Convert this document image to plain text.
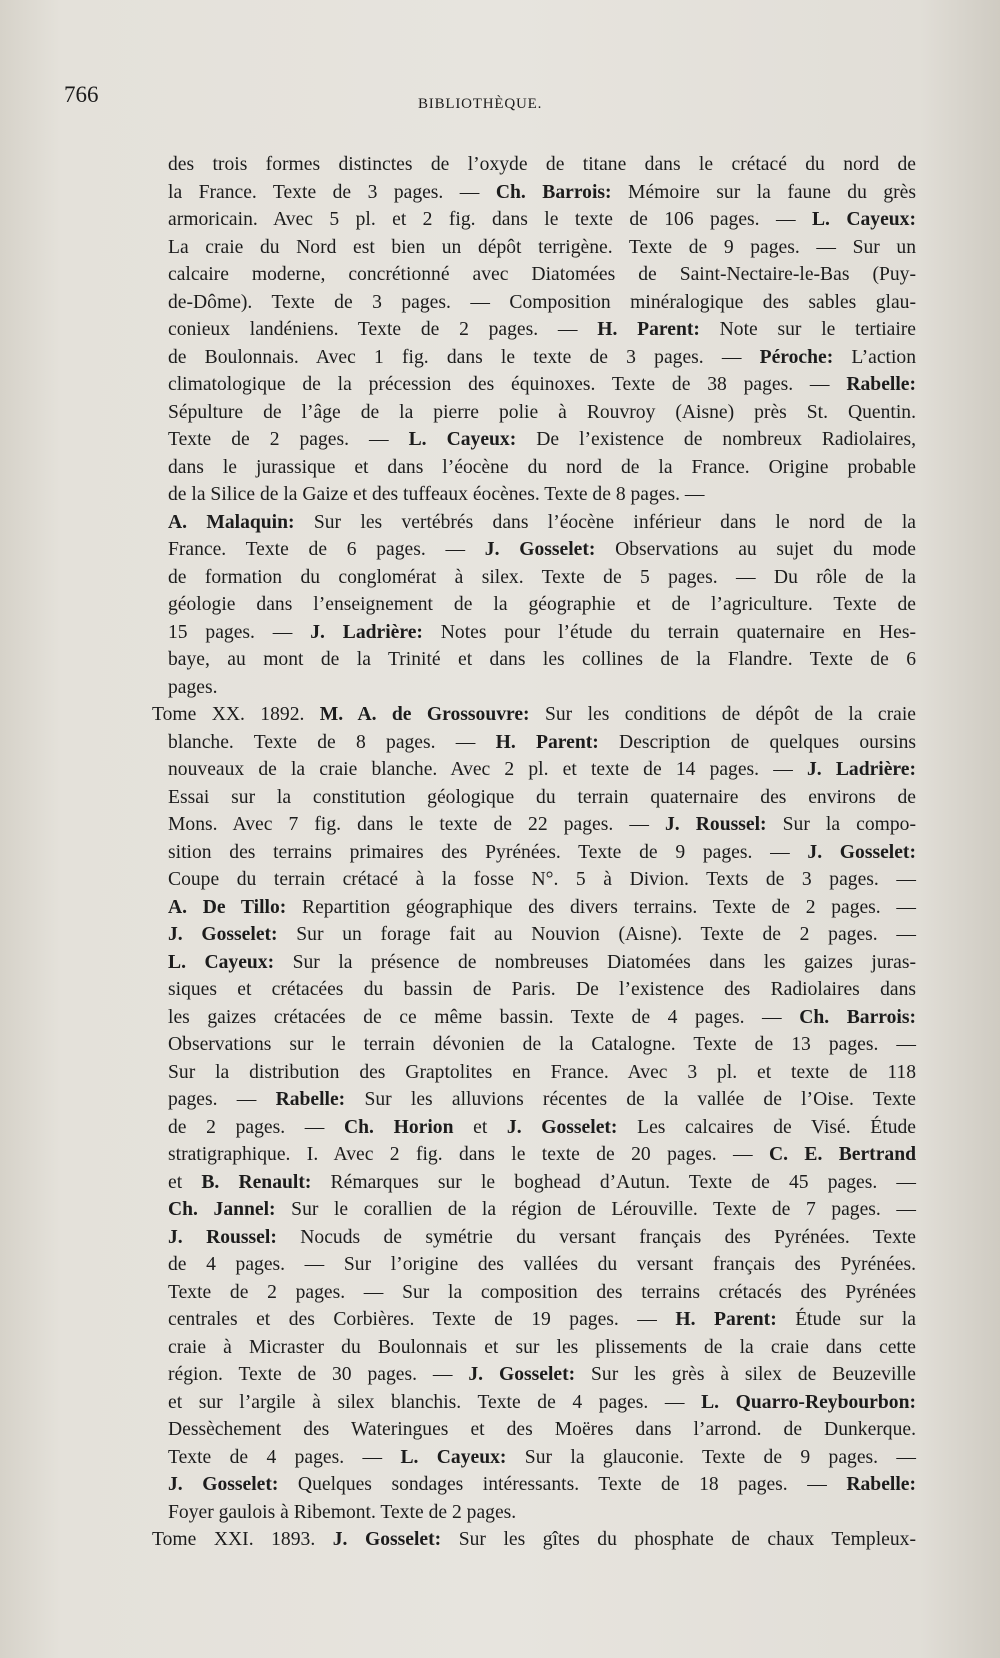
766	BIBLIOTHÈQUE.
des trois formes distinctes de l’oxyde de titane dans le crétacé du nord de
la France. Texte de 3 pages. — Ch. Barrois: Mémoire sur la faune du grès
armoricain. Avec 5 pl. et 2 fig. dans le texte de 106 pages. — L. Cayeux:
La craie du Nord est bien un dépôt terrigène. Texte de 9 pages. — Sur un
calcaire moderne, concrétionné avec Diatomées de Saint-Nectaire-le-Bas (Puy-
de-Dôme). Texte de 3 pages. — Composition minéralogique des sables glau-
conieux landéniens. Texte de 2 pages. — H. Parent: Note sur le tertiaire
de Boulonnais. Avec 1 fig. dans le texte de 3 pages. — Péroche: L’action
climatologique de la précession des équinoxes. Texte de 38 pages. — Rabelle:
Sépulture de l’âge de la pierre polie à Rouvroy (Aisne) près St. Quentin.
Texte de 2 pages. — L. Cayeux: De l’existence de nombreux Radiolaires,
dans le jurassique et dans l’éocène du nord de la France. Origine probable
de la Silice de la Gaize et des tuffeaux éocènes. Texte de 8 pages. —
A. Malaquin: Sur les vertébrés dans l’éocène inférieur dans le nord de la
France. Texte de 6 pages. — J. Gosselet: Observations au sujet du mode
de formation du conglomérat à silex. Texte de 5 pages. — Du rôle de la
géologie dans l’enseignement de la géographie et de l’agriculture. Texte de
15 pages. — J. Ladrière: Notes pour l’étude du terrain quaternaire en Hes-
baye, au mont de la Trinité et dans les collines de la Flandre. Texte de 6
pages.
Tome XX. 1892. M. A. de Grossouvre: Sur les conditions de dépôt de la craie
blanche. Texte de 8 pages. — H. Parent: Description de quelques oursins
nouveaux de la craie blanche. Avec 2 pl. et texte de 14 pages. — J. Ladrière:
Essai sur la constitution géologique du terrain quaternaire des environs de
Mons. Avec 7 fig. dans le texte de 22 pages. — J. Roussel: Sur la compo-
sition des terrains primaires des Pyrénées. Texte de 9 pages. — J. Gosselet:
Coupe du terrain crétacé à la fosse N°. 5 à Divion. Texts de 3 pages. —
A. De Tillo: Repartition géographique des divers terrains. Texte de 2 pages. —
J. Gosselet: Sur un forage fait au Nouvion (Aisne). Texte de 2 pages. —
L. Cayeux: Sur la présence de nombreuses Diatomées dans les gaizes juras-
siques et crétacées du bassin de Paris. De l’existence des Radiolaires dans
les gaizes crétacées de ce même bassin. Texte de 4 pages. — Ch. Barrois:
Observations sur le terrain dévonien de la Catalogne. Texte de 13 pages. —
Sur la distribution des Graptolites en France. Avec 3 pl. et texte de 118
pages. — Rabelle: Sur les alluvions récentes de la vallée de l’Oise. Texte
de 2 pages. — Ch. Horion et J. Gosselet: Les calcaires de Visé. Étude
stratigraphique. I. Avec 2 fig. dans le texte de 20 pages. — C. E. Bertrand
et B. Renault: Rémarques sur le boghead d’Autun. Texte de 45 pages. —
Ch. Jannel: Sur le corallien de la région de Lérouville. Texte de 7 pages. —
J. Roussel: Nocuds de symétrie du versant français des Pyrénées. Texte
de 4 pages. — Sur l’origine des vallées du versant français des Pyrénées.
Texte de 2 pages. — Sur la composition des terrains crétacés des Pyrénées
centrales et des Corbières. Texte de 19 pages. — H. Parent: Étude sur la
craie à Micraster du Boulonnais et sur les plissements de la craie dans cette
région. Texte de 30 pages. — J. Gosselet: Sur les grès à silex de Beuzeville
et sur l’argile à silex blanchis. Texte de 4 pages. — L. Quarro-Reybourbon:
Dessèchement des Wateringues et des Moëres dans l’arrond. de Dunkerque.
Texte de 4 pages. — L. Cayeux: Sur la glauconie. Texte de 9 pages. —
J. Gosselet: Quelques sondages intéressants. Texte de 18 pages. — Rabelle:
Foyer gaulois à Ribemont. Texte de 2 pages.
Tome XXI. 1893. J. Gosselet: Sur les gîtes du phosphate de chaux Templeux-
